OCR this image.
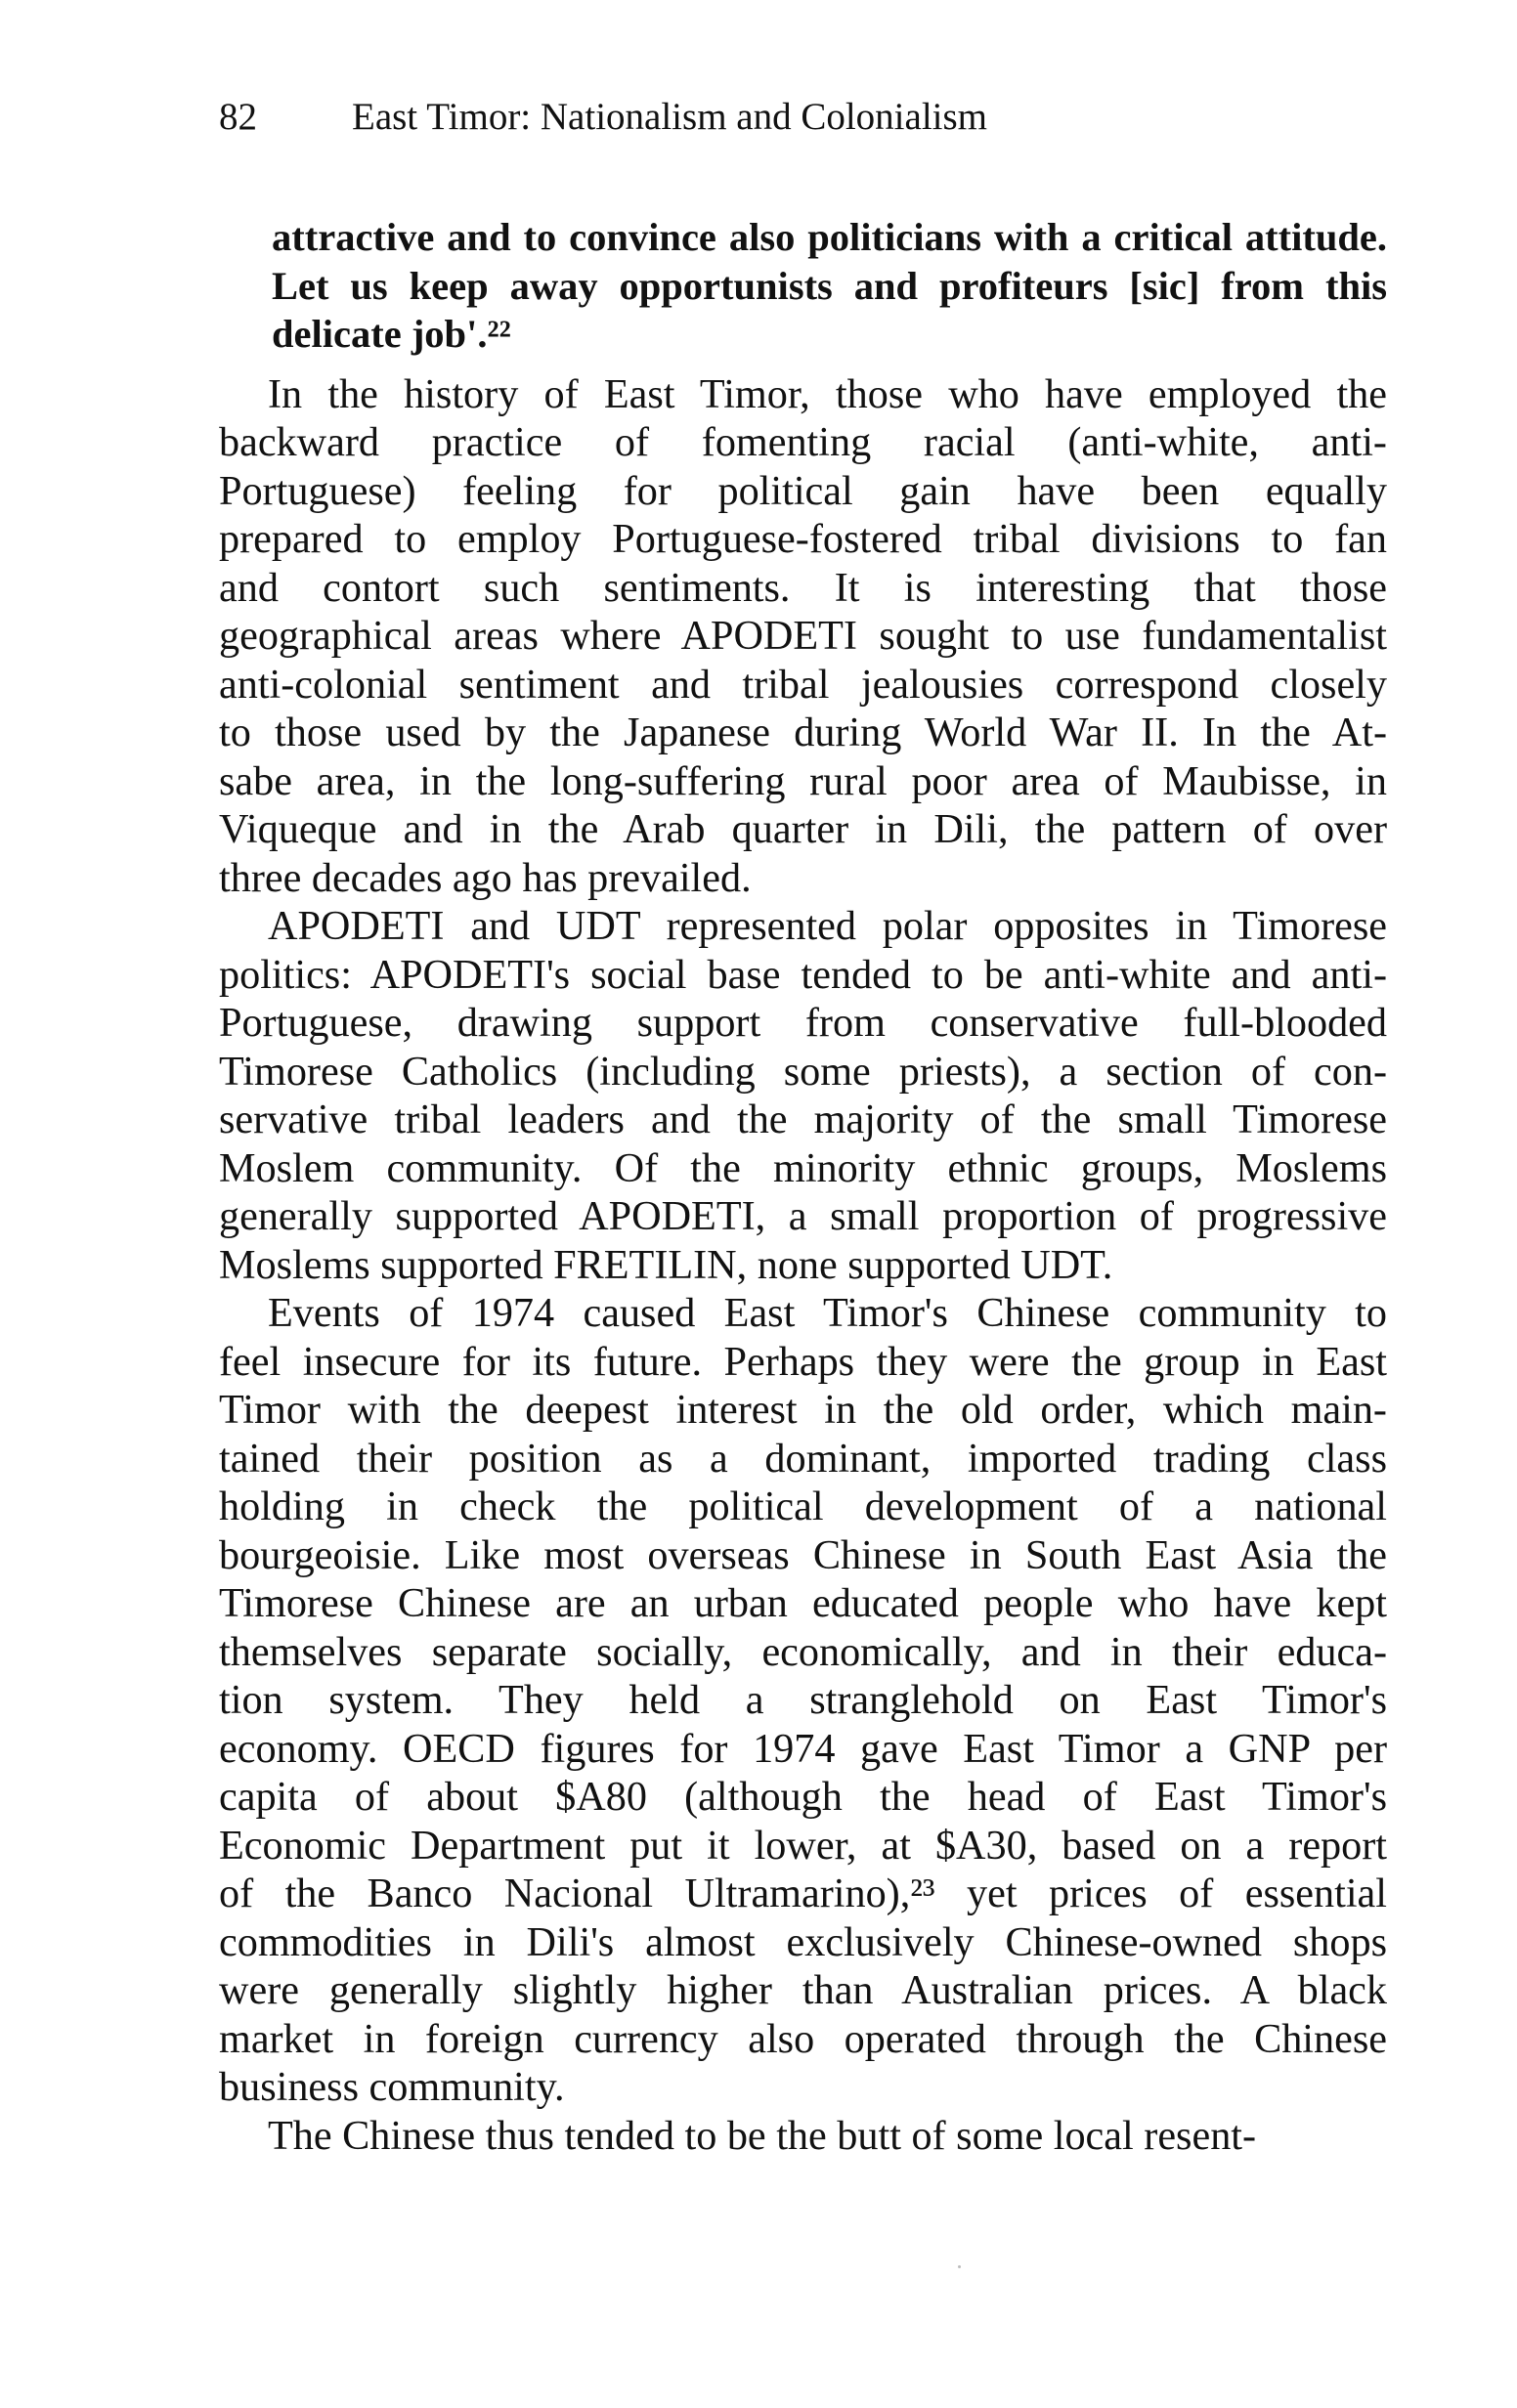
82 East Timor: Nationalism and Colonialism
attractive and to convince also politicians with a critical attitude.
Let us keep away opportunists and profiteurs [sic] from this
delicate job'.²²
In the history of East Timor, those who have employed the
backward practice of fomenting racial (anti-white, anti-
Portuguese) feeling for political gain have been equally
prepared to employ Portuguese-fostered tribal divisions to fan
and contort such sentiments. It is interesting that those
geographical areas where APODETI sought to use fundamentalist
anti-colonial sentiment and tribal jealousies correspond closely
to those used by the Japanese during World War II. In the At-
sabe area, in the long-suffering rural poor area of Maubisse, in
Viqueque and in the Arab quarter in Dili, the pattern of over
three decades ago has prevailed.
APODETI and UDT represented polar opposites in Timorese
politics: APODETI's social base tended to be anti-white and anti-
Portuguese, drawing support from conservative full-blooded
Timorese Catholics (including some priests), a section of con-
servative tribal leaders and the majority of the small Timorese
Moslem community. Of the minority ethnic groups, Moslems
generally supported APODETI, a small proportion of progressive
Moslems supported FRETILIN, none supported UDT.
Events of 1974 caused East Timor's Chinese community to
feel insecure for its future. Perhaps they were the group in East
Timor with the deepest interest in the old order, which main-
tained their position as a dominant, imported trading class
holding in check the political development of a national
bourgeoisie. Like most overseas Chinese in South East Asia the
Timorese Chinese are an urban educated people who have kept
themselves separate socially, economically, and in their educa-
tion system. They held a stranglehold on East Timor's
economy. OECD figures for 1974 gave East Timor a GNP per
capita of about $A80 (although the head of East Timor's
Economic Department put it lower, at $A30, based on a report
of the Banco Nacional Ultramarino),²³ yet prices of essential
commodities in Dili's almost exclusively Chinese-owned shops
were generally slightly higher than Australian prices. A black
market in foreign currency also operated through the Chinese
business community.
The Chinese thus tended to be the butt of some local resent-
